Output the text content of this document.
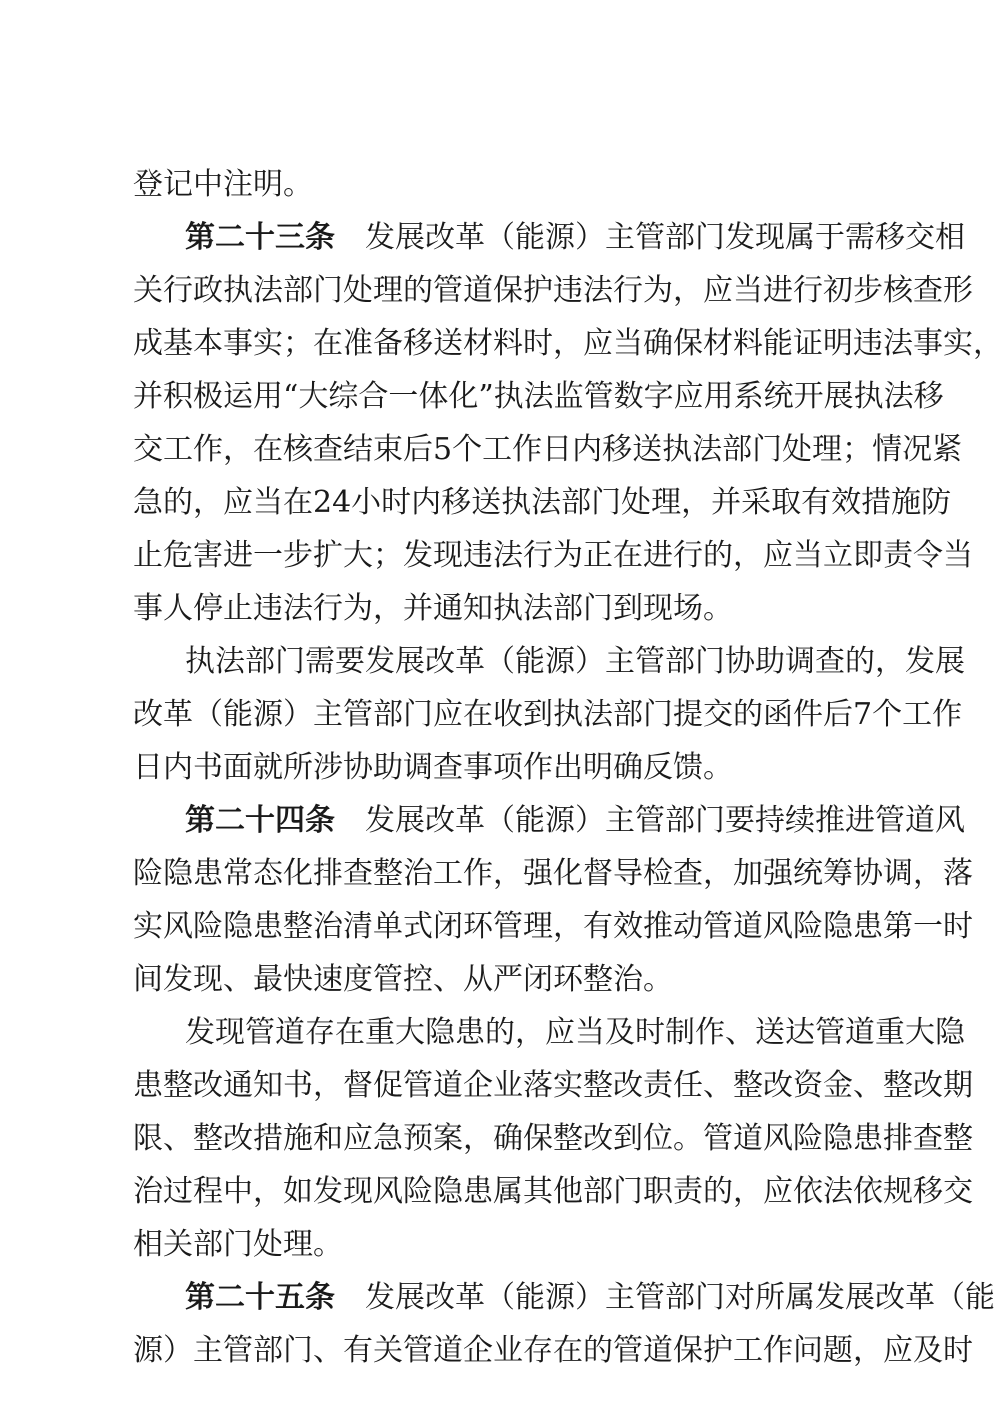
登记中注明。
第二十三条 发展改革（能源）主管部门发现属于需移交相
关行政执法部门处理的管道保护违法行为，应当进行初步核查形
成基本事实；在准备移送材料时，应当确保材料能证明违法事实，
并积极运用“大综合一体化”执法监管数字应用系统开展执法移
交工作，在核查结束后5个工作日内移送执法部门处理；情况紧
急的，应当在24小时内移送执法部门处理，并采取有效措施防
止危害进一步扩大；发现违法行为正在进行的，应当立即责令当
事人停止违法行为，并通知执法部门到现场。
执法部门需要发展改革（能源）主管部门协助调查的，发展
改革（能源）主管部门应在收到执法部门提交的函件后7个工作
日内书面就所涉协助调查事项作出明确反馈。
第二十四条 发展改革（能源）主管部门要持续推进管道风
险隐患常态化排查整治工作，强化督导检查，加强统筹协调，落
实风险隐患整治清单式闭环管理，有效推动管道风险隐患第一时
间发现、最快速度管控、从严闭环整治。
发现管道存在重大隐患的，应当及时制作、送达管道重大隐
患整改通知书，督促管道企业落实整改责任、整改资金、整改期
限、整改措施和应急预案，确保整改到位。管道风险隐患排查整
治过程中，如发现风险隐患属其他部门职责的，应依法依规移交
相关部门处理。
第二十五条 发展改革（能源）主管部门对所属发展改革（能
源）主管部门、有关管道企业存在的管道保护工作问题，应及时
